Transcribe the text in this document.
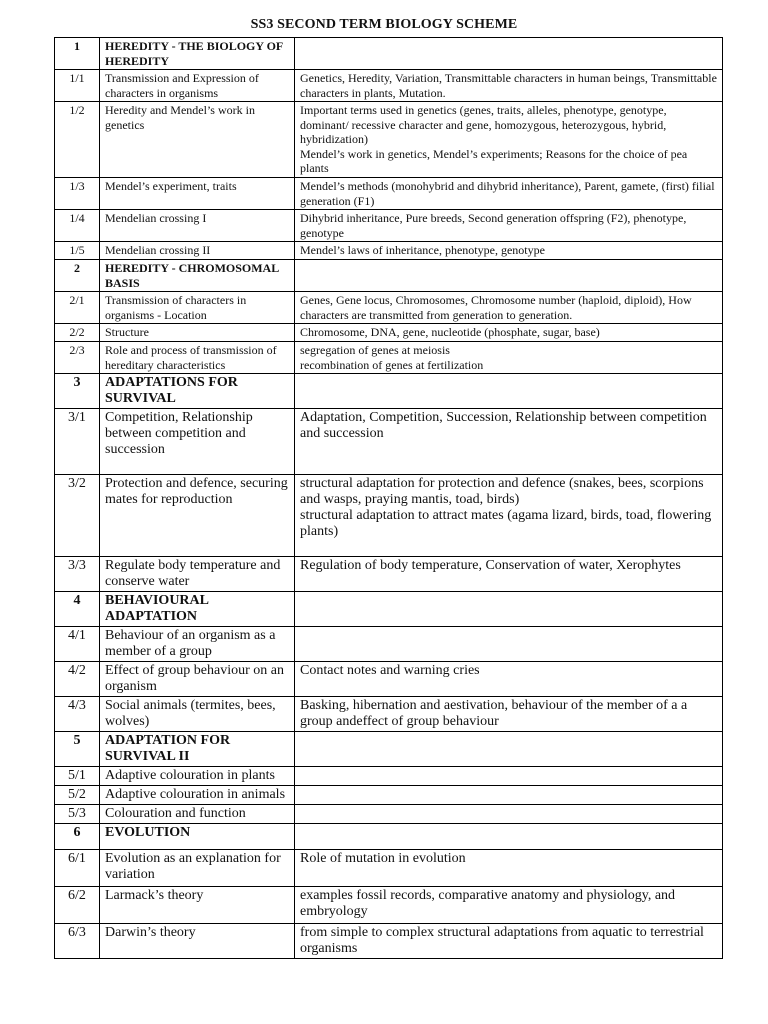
SS3 SECOND TERM BIOLOGY SCHEME
1	HEREDITY - THE BIOLOGY OF HEREDITY	
1/1	Transmission and Expression of characters in organisms	Genetics, Heredity, Variation, Transmittable characters in human beings, Transmittable characters in plants, Mutation.

1/2	Heredity and Mendel’s work in genetics	Important terms used in genetics (genes, traits, alleles, phenotype, genotype, dominant/ recessive character and gene, homozygous, heterozygous, hybrid, hybridization)
Mendel’s work in genetics, Mendel’s experiments; Reasons for the choice of pea plants

1/3	Mendel’s experiment, traits	Mendel’s methods (monohybrid and dihybrid inheritance), Parent, gamete, (first) filial generation (F1)

1/4	Mendelian crossing I	Dihybrid inheritance, Pure breeds, Second generation offspring (F2), phenotype, genotype

1/5	Mendelian crossing II	Mendel’s laws of inheritance, phenotype, genotype

2	HEREDITY - CHROMOSOMAL BASIS	
2/1	Transmission of characters in organisms - Location	Genes, Gene locus, Chromosomes, Chromosome number (haploid, diploid), How characters are transmitted from generation to generation.

2/2	Structure	Chromosome, DNA, gene, nucleotide (phosphate, sugar, base)

2/3	Role and process of transmission of hereditary characteristics	segregation of genes at meiosis
recombination of genes at fertilization

3	ADAPTATIONS FOR SURVIVAL	
3/1	Competition, Relationship between competition and succession	Adaptation, Competition, Succession, Relationship between competition and succession

3/2	Protection and defence, securing mates for reproduction	structural adaptation for protection and defence (snakes, bees, scorpions and wasps, praying mantis, toad, birds)
structural adaptation to attract mates (agama lizard, birds, toad, flowering plants)

3/3	Regulate body temperature and conserve water	Regulation of body temperature, Conservation of water, Xerophytes

4	BEHAVIOURAL ADAPTATION	
4/1	Behaviour of an organism as a member of a group	
4/2	Effect of group behaviour on an organism	Contact notes and warning cries

4/3	Social animals (termites, bees, wolves)	Basking, hibernation and aestivation, behaviour of the member of a a group andeffect of group behaviour

5	ADAPTATION FOR SURVIVAL II	
5/1	Adaptive colouration in plants	
5/2	Adaptive colouration in animals	
5/3	Colouration and function	
6	EVOLUTION	
6/1	Evolution as an explanation for variation	Role of mutation in evolution

6/2	Larmack’s theory	examples fossil records, comparative anatomy and physiology, and embryology

6/3	Darwin’s theory	from simple to complex structural adaptations from aquatic to terrestrial organisms
